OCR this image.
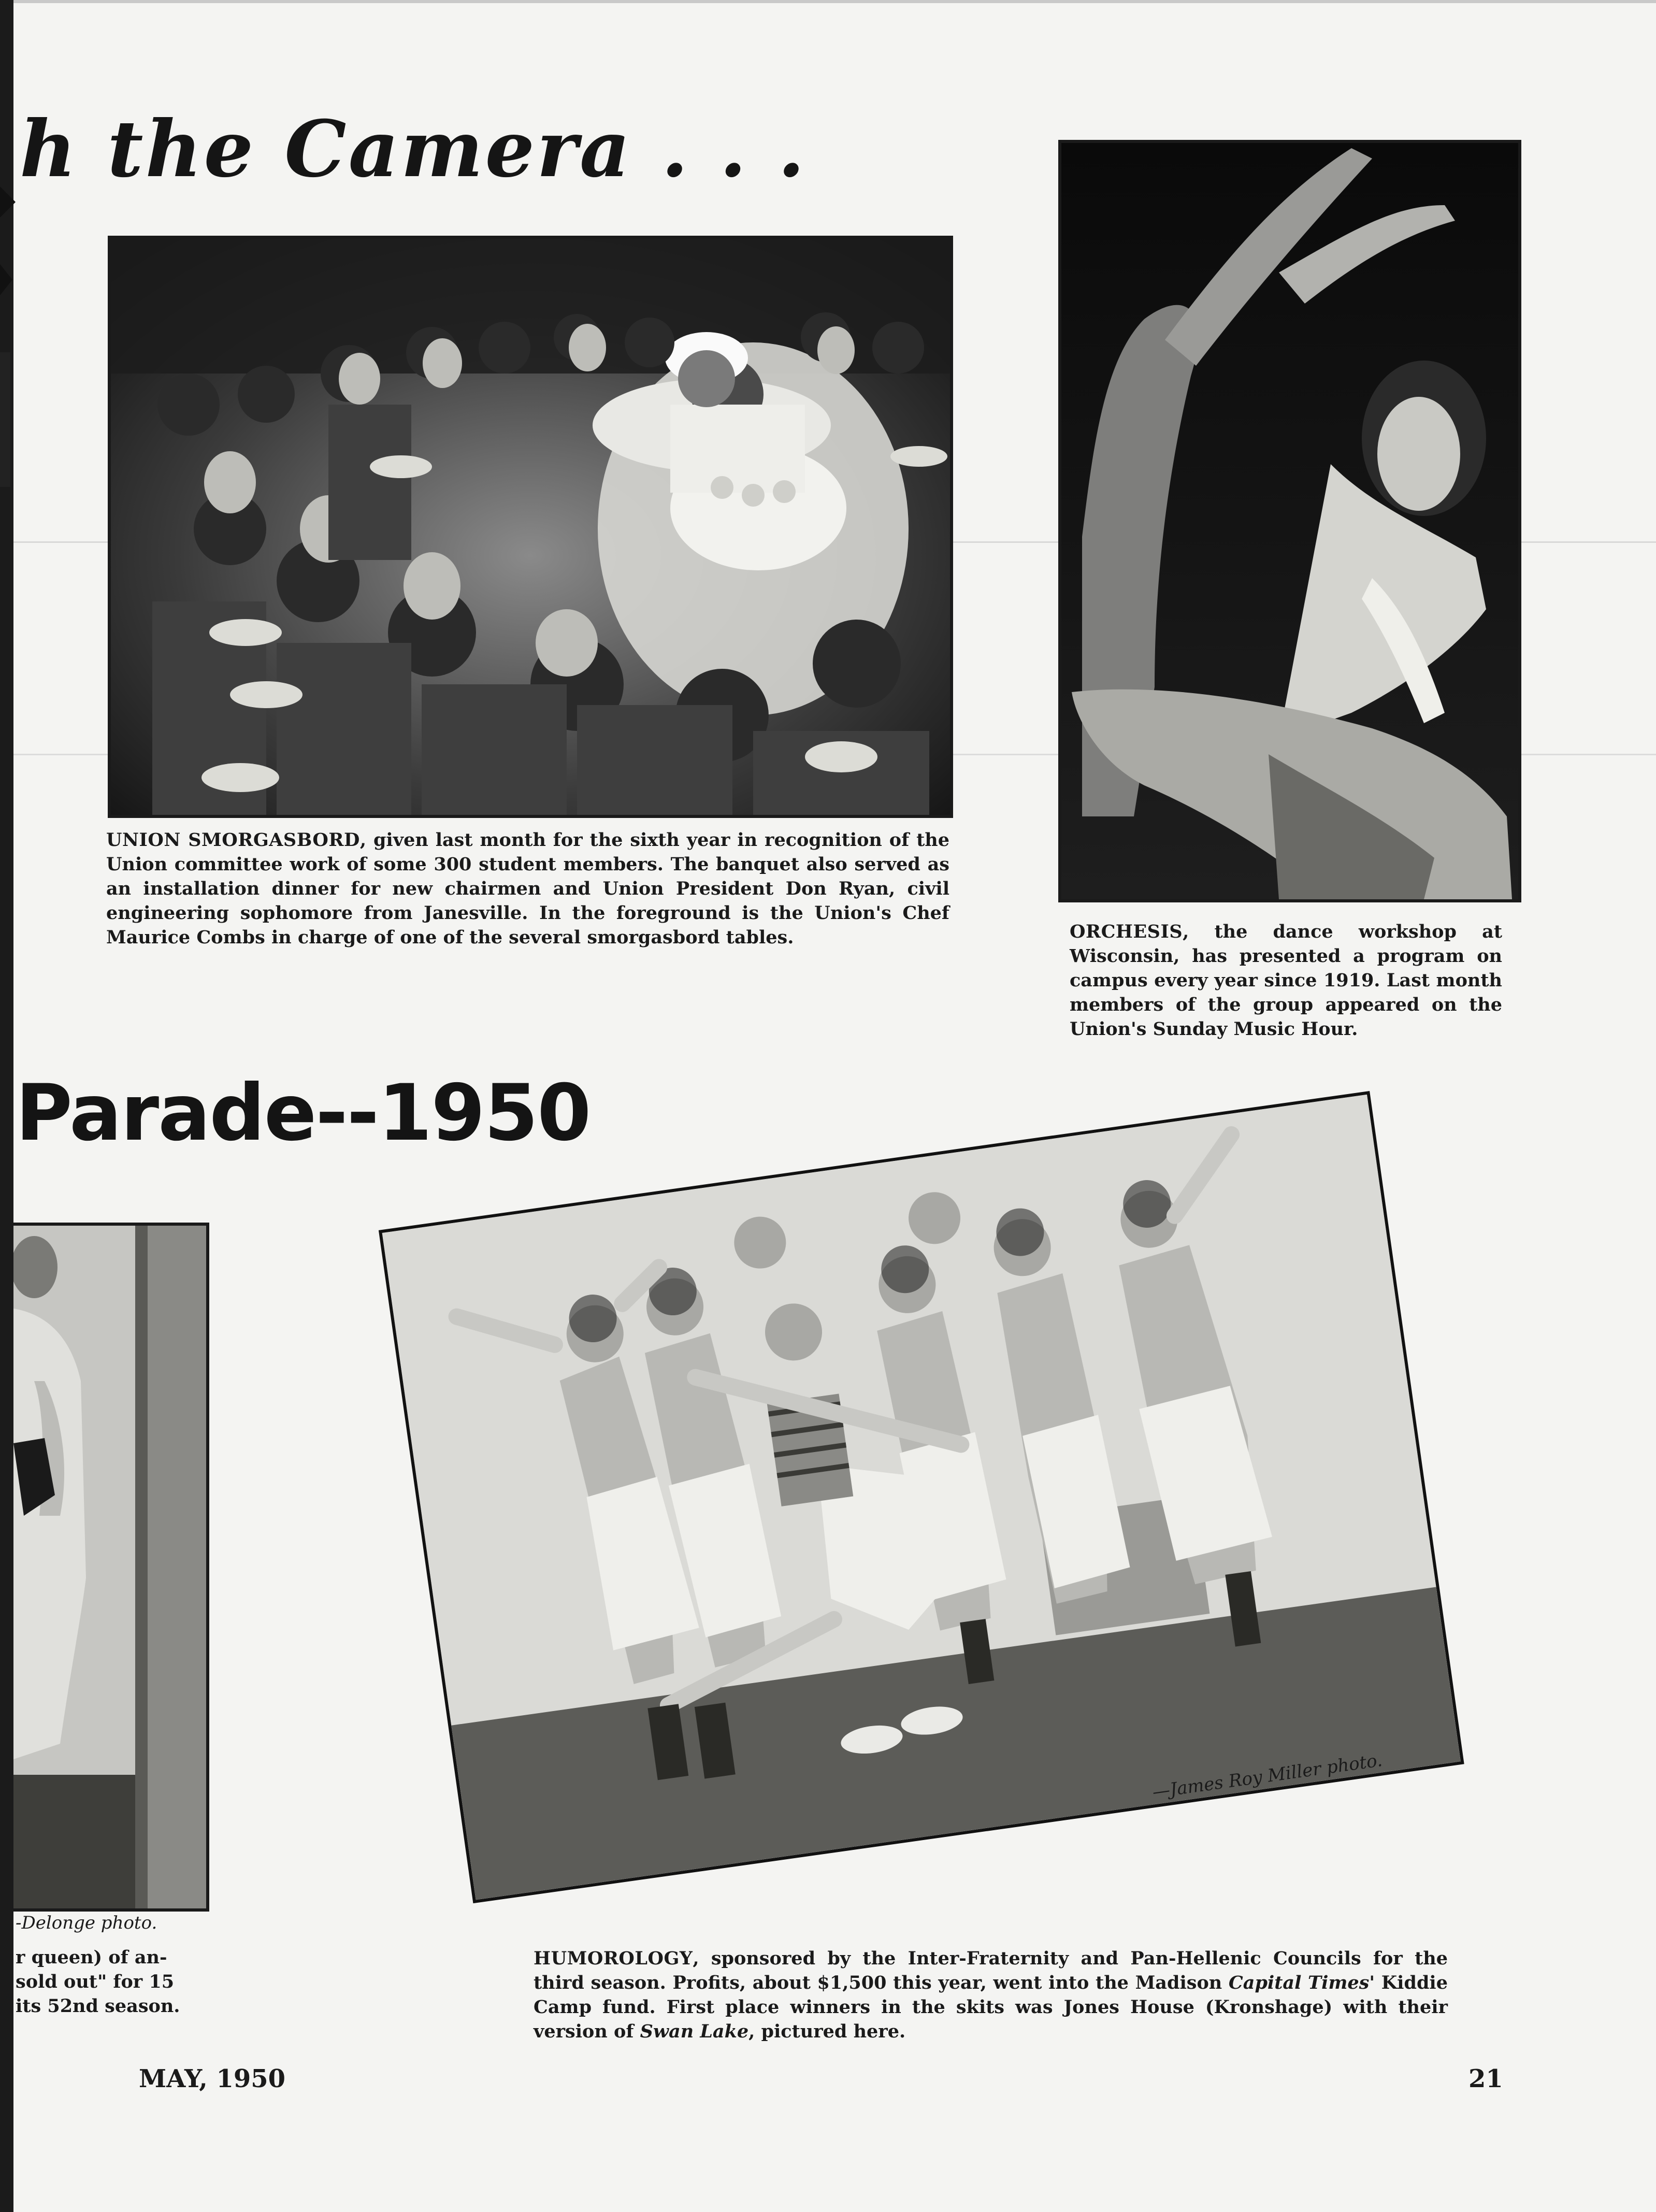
h the Camera . . .
UNION SMORGASBORD, given last month for the sixth year in recognition of the Union committee work of some 300 student members. The banquet also served as an installation dinner for new chairmen and Union President Don Ryan, civil engineering sophomore from Janesville. In the foreground is the Union's Chef Maurice Combs in charge of one of the several smorgasbord tables.	ORCHESIS, the dance workshop at Wisconsin, has presented a program on campus every year since 1919. Last month members of the group appeared on the Union's Sunday Music Hour.
Parade--1950
-Delonge photo.
r queen) of an-
sold out" for 15
its 52nd season.
—James Roy Miller photo.
HUMOROLOGY, sponsored by the Inter-Fraternity and Pan-Hellenic Councils for the third season. Profits, about $1,500 this year, went into the Madison Capital Times' Kiddie Camp fund. First place winners in the skits was Jones House (Kronshage) with their version of Swan Lake, pictured here.
MAY, 1950	21
